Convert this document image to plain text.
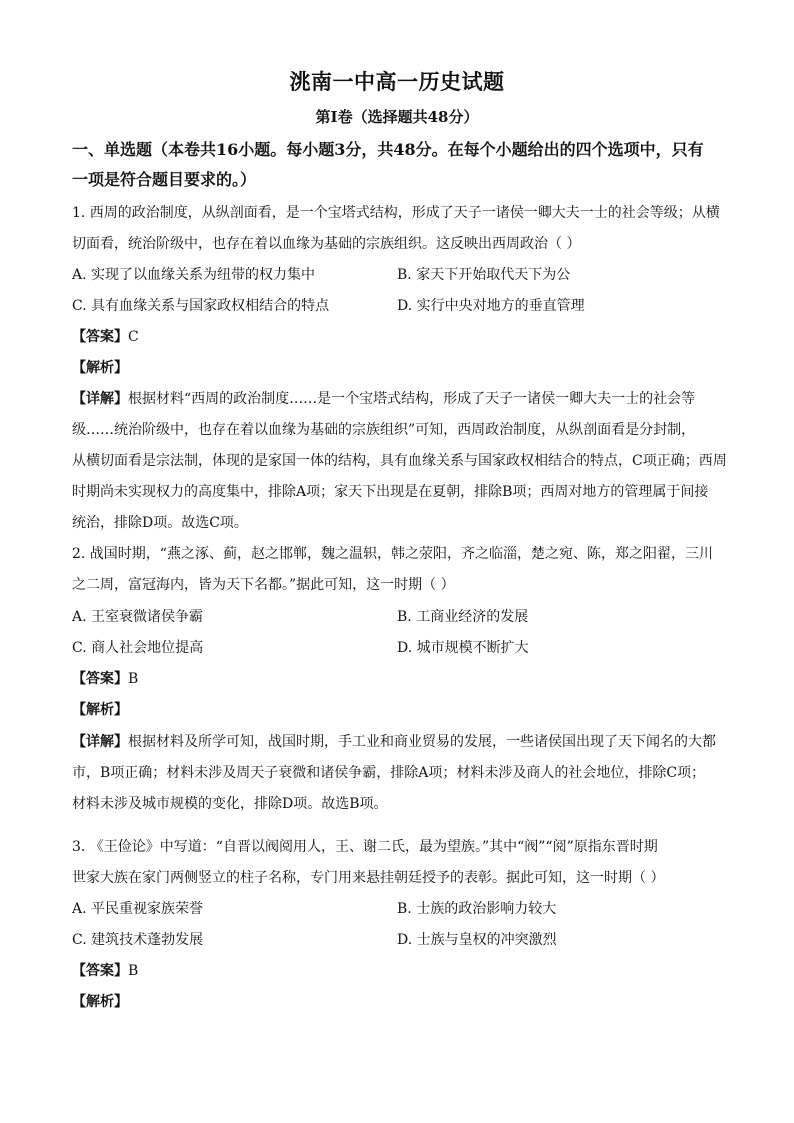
洮南一中高一历史试题
第Ⅰ卷（选择题共48分）
一、单选题（本卷共16小题。每小题3分，共48分。在每个小题给出的四个选项中，只有
一项是符合题目要求的。）
1. 西周的政治制度，从纵剖面看，是一个宝塔式结构，形成了天子一诸侯一卿大夫一士的社会等级；从横
切面看，统治阶级中，也存在着以血缘为基础的宗族组织。这反映出西周政治（ ）
A. 实现了以血缘关系为纽带的权力集中	B. 家天下开始取代天下为公
C. 具有血缘关系与国家政权相结合的特点	D. 实行中央对地方的垂直管理
【答案】C
【解析】
【详解】根据材料“西周的政治制度……是一个宝塔式结构，形成了天子一诸侯一卿大夫一士的社会等
级……统治阶级中，也存在着以血缘为基础的宗族组织”可知，西周政治制度，从纵剖面看是分封制，
从横切面看是宗法制，体现的是家国一体的结构，具有血缘关系与国家政权相结合的特点，C项正确；西周
时期尚未实现权力的高度集中，排除A项；家天下出现是在夏朝，排除B项；西周对地方的管理属于间接
统治，排除D项。故选C项。
2. 战国时期，“燕之涿、蓟，赵之邯郸，魏之温轵，韩之荥阳，齐之临淄，楚之宛、陈，郑之阳翟，三川
之二周，富冠海内，皆为天下名都。”据此可知，这一时期（ ）
A. 王室衰微诸侯争霸	B. 工商业经济的发展
C. 商人社会地位提高	D. 城市规模不断扩大
【答案】B
【解析】
【详解】根据材料及所学可知，战国时期，手工业和商业贸易的发展，一些诸侯国出现了天下闻名的大都
市，B项正确；材料未涉及周天子衰微和诸侯争霸，排除A项；材料未涉及商人的社会地位，排除C项；
材料未涉及城市规模的变化，排除D项。故选B项。
3. 《王俭论》中写道：“自晋以阀阅用人，王、谢二氏，最为望族。”其中“阀”“阅”原指东晋时期
世家大族在家门两侧竖立的柱子名称，专门用来悬挂朝廷授予的表彰。据此可知，这一时期（ ）
A. 平民重视家族荣誉	B. 士族的政治影响力较大
C. 建筑技术蓬勃发展	D. 士族与皇权的冲突激烈
【答案】B
【解析】
